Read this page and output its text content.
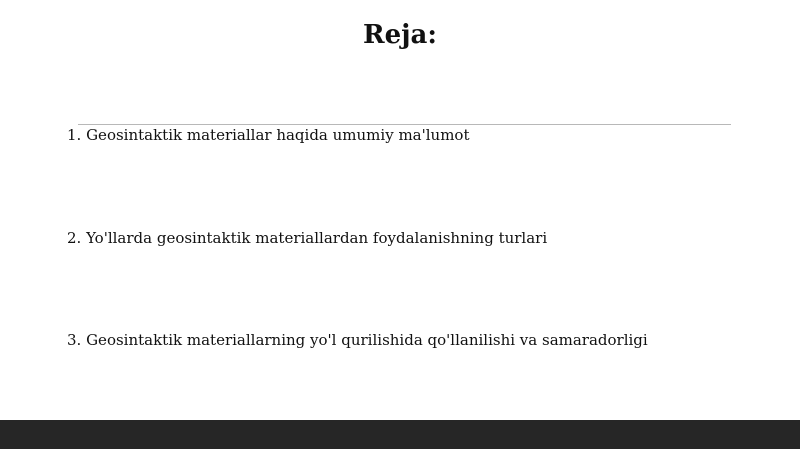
Reja:
1. Geosintaktik materiallar haqida umumiy ma'lumot
2. Yo'llarda geosintaktik materiallardan foydalanishning turlari
3. Geosintaktik materiallarning yo'l qurilishida qo'llanilishi va samaradorligi
